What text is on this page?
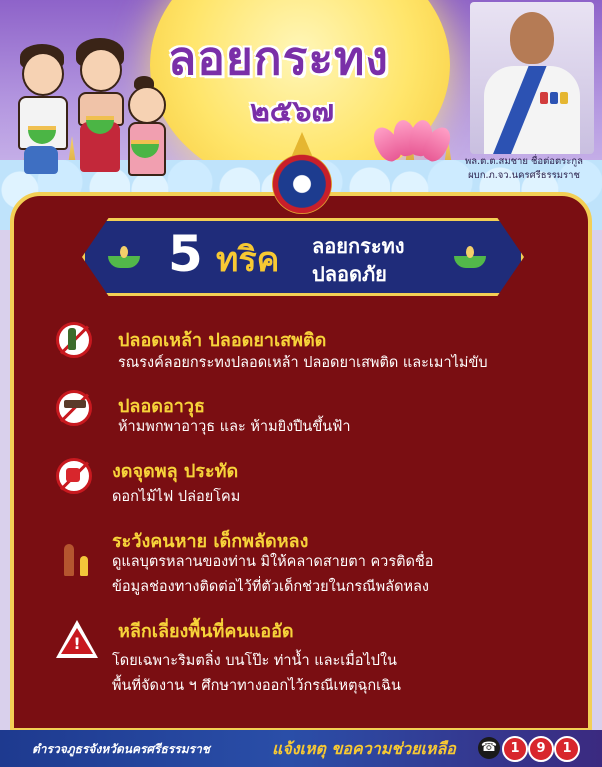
ลอยกระทง
๒๕๖๗
พล.ต.ต.สมชาย ชื่อต่อตระกูล
ผบก.ภ.จว.นครศรีธรรมราช
5 ทริค ลอยกระทง
ปลอดภัย
ปลอดเหล้า ปลอดยาเสพติด
รณรงค์ลอยกระทงปลอดเหล้า ปลอดยาเสพติด และเมาไม่ขับ
ปลอดอาวุธ
ห้ามพกพาอาวุธ และ ห้ามยิงปืนขึ้นฟ้า
งดจุดพลุ ประทัด
ดอกไม้ไฟ ปล่อยโคม
ระวังคนหาย เด็กพลัดหลง
ดูแลบุตรหลานของท่าน มิให้คลาดสายตา ควรติดชื่อ
ข้อมูลช่องทางติดต่อไว้ที่ตัวเด็กช่วยในกรณีพลัดหลง
!
หลีกเลี่ยงพื้นที่คนแออัด
โดยเฉพาะริมตลิ่ง บนโป๊ะ ท่าน้ำ และเมื่อไปใน
พื้นที่จัดงาน ฯ ศึกษาทางออกไว้กรณีเหตุฉุกเฉิน
ตำรวจภูธรจังหวัดนครศรีธรรมราช	แจ้งเหตุ ขอความช่วยเหลือ ☎	1	9	1
